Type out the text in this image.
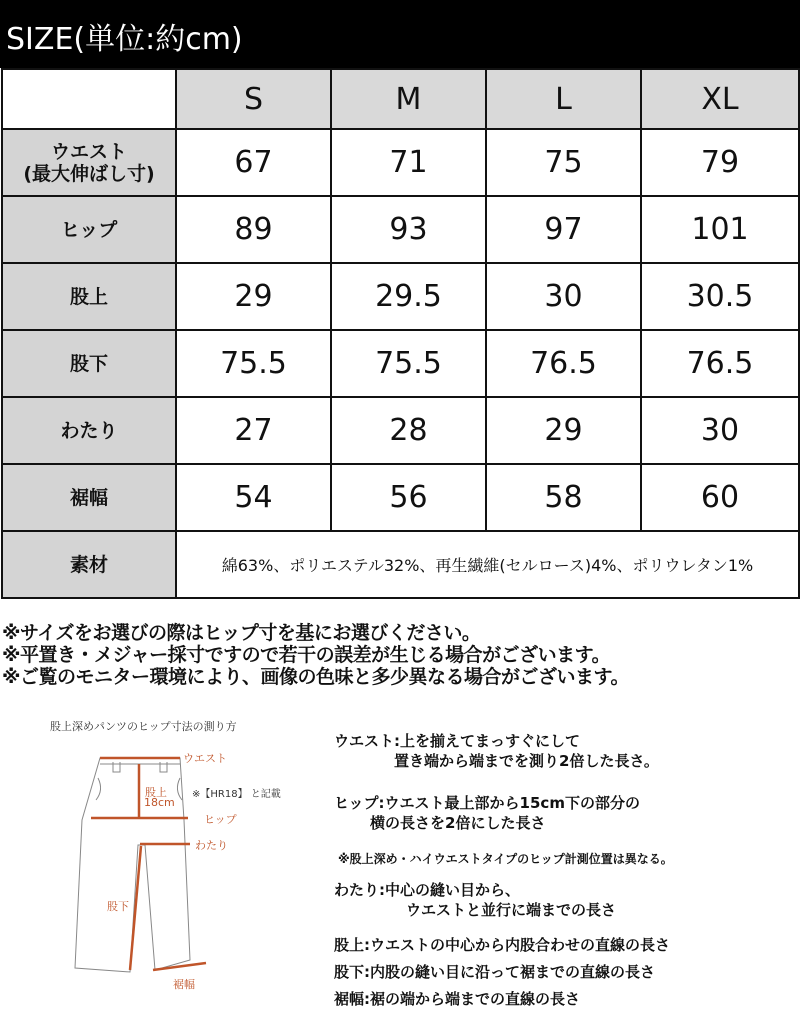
SIZE(単位:約cm)
	S	M	L	XL

ウエスト
(最大伸ばし寸)	67	71	75	79
ヒップ	89	93	97	101
股上	29	29.5	30	30.5
股下	75.5	75.5	76.5	76.5
わたり	27	28	29	30
裾幅	54	56	58	60
素材	綿63%、ポリエステル32%、再生繊維(セルロース)4%、ポリウレタン1%			
※サイズをお選びの際はヒップ寸を基にお選びください。
※平置き・メジャー採寸ですので若干の誤差が生じる場合がございます。
※ご覧のモニター環境により、画像の色味と多少異なる場合がございます。
股上深めパンツのヒップ寸法の測り方
ウエスト
股上
18cm
※【HR18】 と記載
ヒップ
わたり
股下
裾幅
ウエスト:上を揃えてまっすぐにして
置き端から端までを測り2倍した長さ。
ヒップ:ウエスト最上部から15cm下の部分の
横の長さを2倍にした長さ
※股上深め・ハイウエストタイプのヒップ計測位置は異なる。
わたり:中心の縫い目から、
ウエストと並行に端までの長さ
股上:ウエストの中心から内股合わせの直線の長さ
股下:内股の縫い目に沿って裾までの直線の長さ
裾幅:裾の端から端までの直線の長さ
